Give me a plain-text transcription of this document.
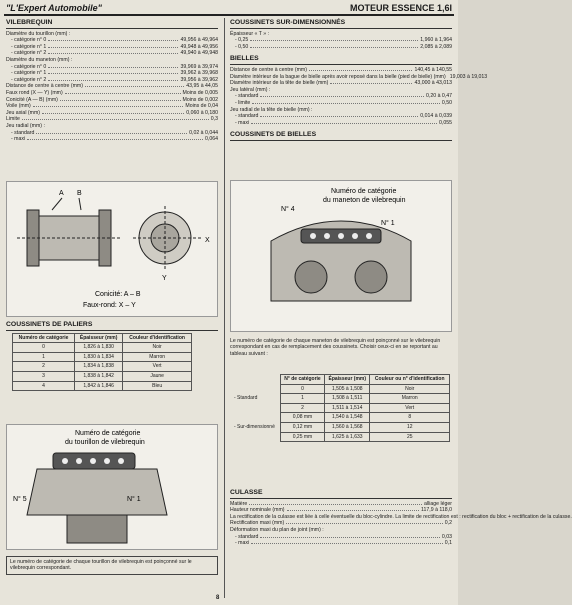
"L'Expert Automobile"	MOTEUR ESSENCE 1,6I
VILEBREQUIN
Diamètre du tourillon (mm) :
- catégorie n° 0	49,956 à 49,964
- catégorie n° 1	49,948 à 49,956
- catégorie n° 2	49,940 à 49,948
Diamètre du maneton (mm) :
- catégorie n° 0	39,969 à 39,974
- catégorie n° 1	39,962 à 39,968
- catégorie n° 2	39,956 à 39,962
Distance de centre à centre (mm)	43,95 à 44,05
Faux rond (X — Y) (mm)	Moins de 0,005
Conicité (A — B) (mm)	Moins de 0,002
Voile (mm)	Moins de 0,04
Jeu axial (mm)	0,060 à 0,180
Limite	0,3
Jeu radial (mm) :
- standard	0,02 à 0,044
- maxi	0,064
A B
X
Y
Conicité: A – B
Faux-rond: X – Y
COUSSINETS DE PALIERS
Numéro de catégorie	Épaisseur (mm)	Couleur d'identification
0	1,826 à 1,830	Noir
1	1,830 à 1,834	Marron
2	1,834 à 1,838	Vert
3	1,838 à 1,842	Jaune
4	1,842 à 1,846	Bleu
Numéro de catégorie
du tourillon de vilebrequin
N° 5	N° 1
Le numéro de catégorie de chaque tourillon de vilebrequin est poinçonné sur le vilebrequin correspondant.
COUSSINETS SUR-DIMENSIONNÉS
Épaisseur « T » :
- 0,25	1,960 à 1,964
- 0,50	2,085 à 2,089
BIELLES
Distance de centre à centre (mm)	140,45 à 140,55
Diamètre intérieur de la bague de bielle après avoir reposé dans la bielle (pied de bielle) (mm) 19,003 à 19,013
Diamètre intérieur de la tête de bielle (mm)	43,000 à 43,013
Jeu latéral (mm) :
- standard	0,20 à 0,47
- limite	0,50
Jeu radial de la tête de bielle (mm) :
- standard	0,014 à 0,039
- maxi	0,055
COUSSINETS DE BIELLES
Numéro de catégorie
du maneton de vilebrequin
N° 4
N° 1
Le numéro de catégorie de chaque maneton de vilebrequin est poinçonné sur le vilebrequin correspondant en cas de remplacement des coussinets. Choisir ceux-ci en se reportant au tableau suivant :
	N° de catégorie	Épaisseur (mm)	Couleur ou n° d'identification
- Standard	0	1,505 à 1,508	Noir
	1	1,508 à 1,511	Marron
	2	1,511 à 1,514	Vert
- Sur-dimensionné	0,08 mm	1,540 à 1,548	8
	0,12 mm	1,560 à 1,568	12
	0,25 mm	1,625 à 1,633	25
CULASSE
Matière	alliage léger
Hauteur nominale (mm)	117,9 à 118,0
La rectification de la culasse est liée à celle éventuelle du bloc-cylindre. La limite de rectification est : rectification du bloc + rectification de la culasse.
Rectification maxi (mm)	0,2
Déformation maxi du plan de joint (mm) :
- standard	0,03
- maxi	0,1
8
